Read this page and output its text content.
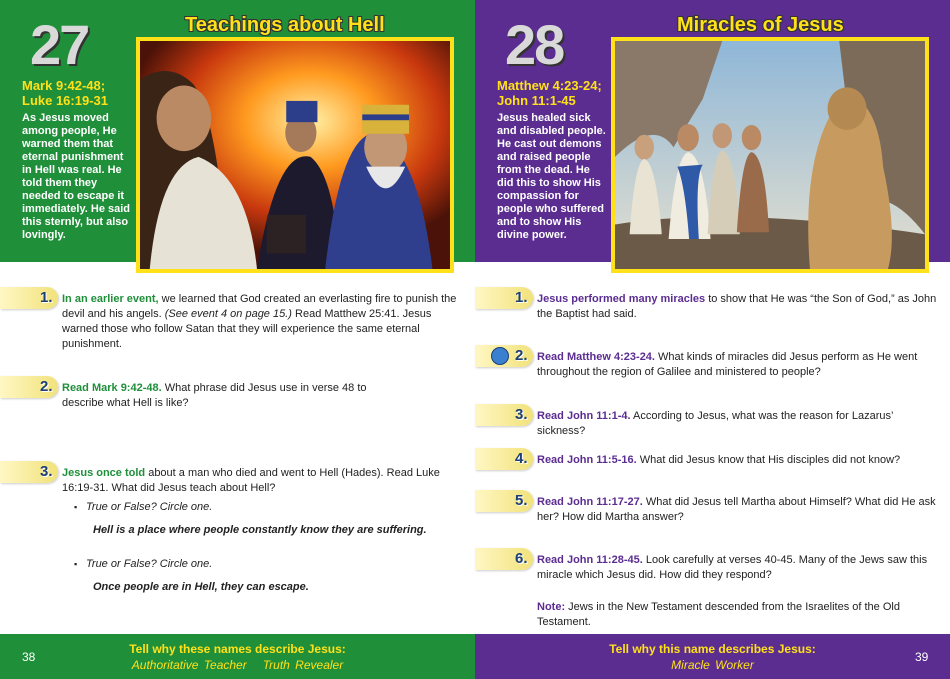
27	Teachings about Hell
Mark 9:42-48; Luke 16:19-31
As Jesus moved among people, He warned them that eternal punishment in Hell was real. He told them they needed to escape it immediately. He said this sternly, but also lovingly.
1. In an earlier event, we learned that God created an everlasting fire to punish the devil and his angels. (See event 4 on page 15.) Read Matthew 25:41. Jesus warned those who follow Satan that they will experience the same eternal punishment.
2. Read Mark 9:42-48. What phrase did Jesus use in verse 48 to describe what Hell is like?
3. Jesus once told about a man who died and went to Hell (Hades). Read Luke 16:19-31. What did Jesus teach about Hell?
▪ True or False? Circle one.
Hell is a place where people constantly know they are suffering.
▪ True or False? Circle one.
Once people are in Hell, they can escape.
38
Tell why these names describe Jesus:
Authoritative Teacher Truth Revealer
28	Miracles of Jesus
Matthew 4:23-24; John 11:1-45
Jesus healed sick and disabled people. He cast out demons and raised people from the dead. He did this to show His compassion for people who suffered and to show His divine power.
1. Jesus performed many miracles to show that He was “the Son of God,” as John the Baptist had said.
2. Read Matthew 4:23-24. What kinds of miracles did Jesus perform as He went throughout the region of Galilee and ministered to people?
3. Read John 11:1-4. According to Jesus, what was the reason for Lazarus’ sickness?
4. Read John 11:5-16. What did Jesus know that His disciples did not know?
5. Read John 11:17-27. What did Jesus tell Martha about Himself? What did He ask her? How did Martha answer?
6. Read John 11:28-45. Look carefully at verses 40-45. Many of the Jews saw this miracle which Jesus did. How did they respond?
Note: Jews in the New Testament descended from the Israelites of the Old Testament.
39
Tell why this name describes Jesus:
Miracle Worker
